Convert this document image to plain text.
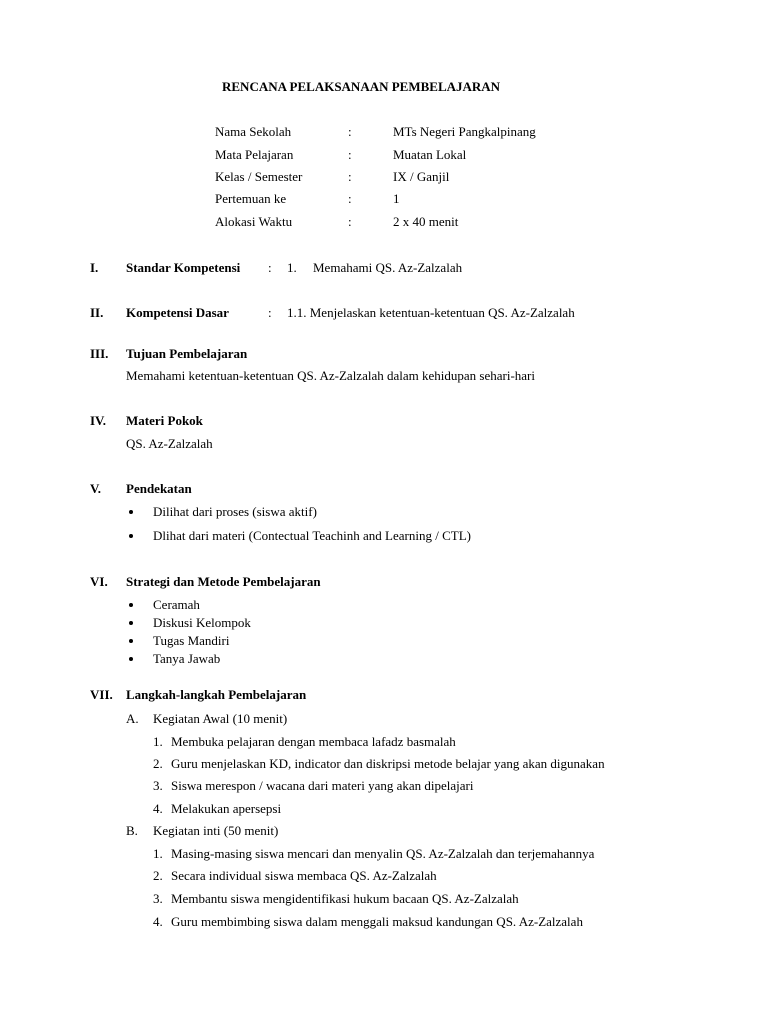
RENCANA PELAKSANAAN PEMBELAJARAN
Nama Sekolah	:	MTs Negeri Pangkalpinang
Mata Pelajaran	:	Muatan Lokal
Kelas / Semester	:	IX / Ganjil
Pertemuan ke	:	1
Alokasi Waktu	:	2 x 40 menit
I. Standar Kompetensi : 1. Memahami QS. Az-Zalzalah
II. Kompetensi Dasar	: 1.1. Menjelaskan ketentuan-ketentuan QS. Az-Zalzalah
III. Tujuan Pembelajaran
Memahami ketentuan-ketentuan QS. Az-Zalzalah dalam kehidupan sehari-hari
IV. Materi Pokok
QS. Az-Zalzalah
V. Pendekatan
Dilihat dari proses (siswa aktif)
Dlihat dari materi (Contectual Teachinh and Learning / CTL)
VI. Strategi dan Metode Pembelajaran
Ceramah
Diskusi Kelompok
Tugas Mandiri
Tanya Jawab
VII. Langkah-langkah Pembelajaran
A. Kegiatan Awal (10 menit)
1. Membuka pelajaran dengan membaca lafadz basmalah
2. Guru menjelaskan KD, indicator dan diskripsi metode belajar yang akan digunakan
3. Siswa merespon / wacana dari materi yang akan dipelajari
4. Melakukan apersepsi
B. Kegiatan inti (50 menit)
1. Masing-masing siswa mencari dan menyalin QS. Az-Zalzalah dan terjemahannya
2. Secara individual siswa membaca QS. Az-Zalzalah
3. Membantu siswa mengidentifikasi hukum bacaan QS. Az-Zalzalah
4. Guru membimbing siswa dalam menggali maksud kandungan QS. Az-Zalzalah
